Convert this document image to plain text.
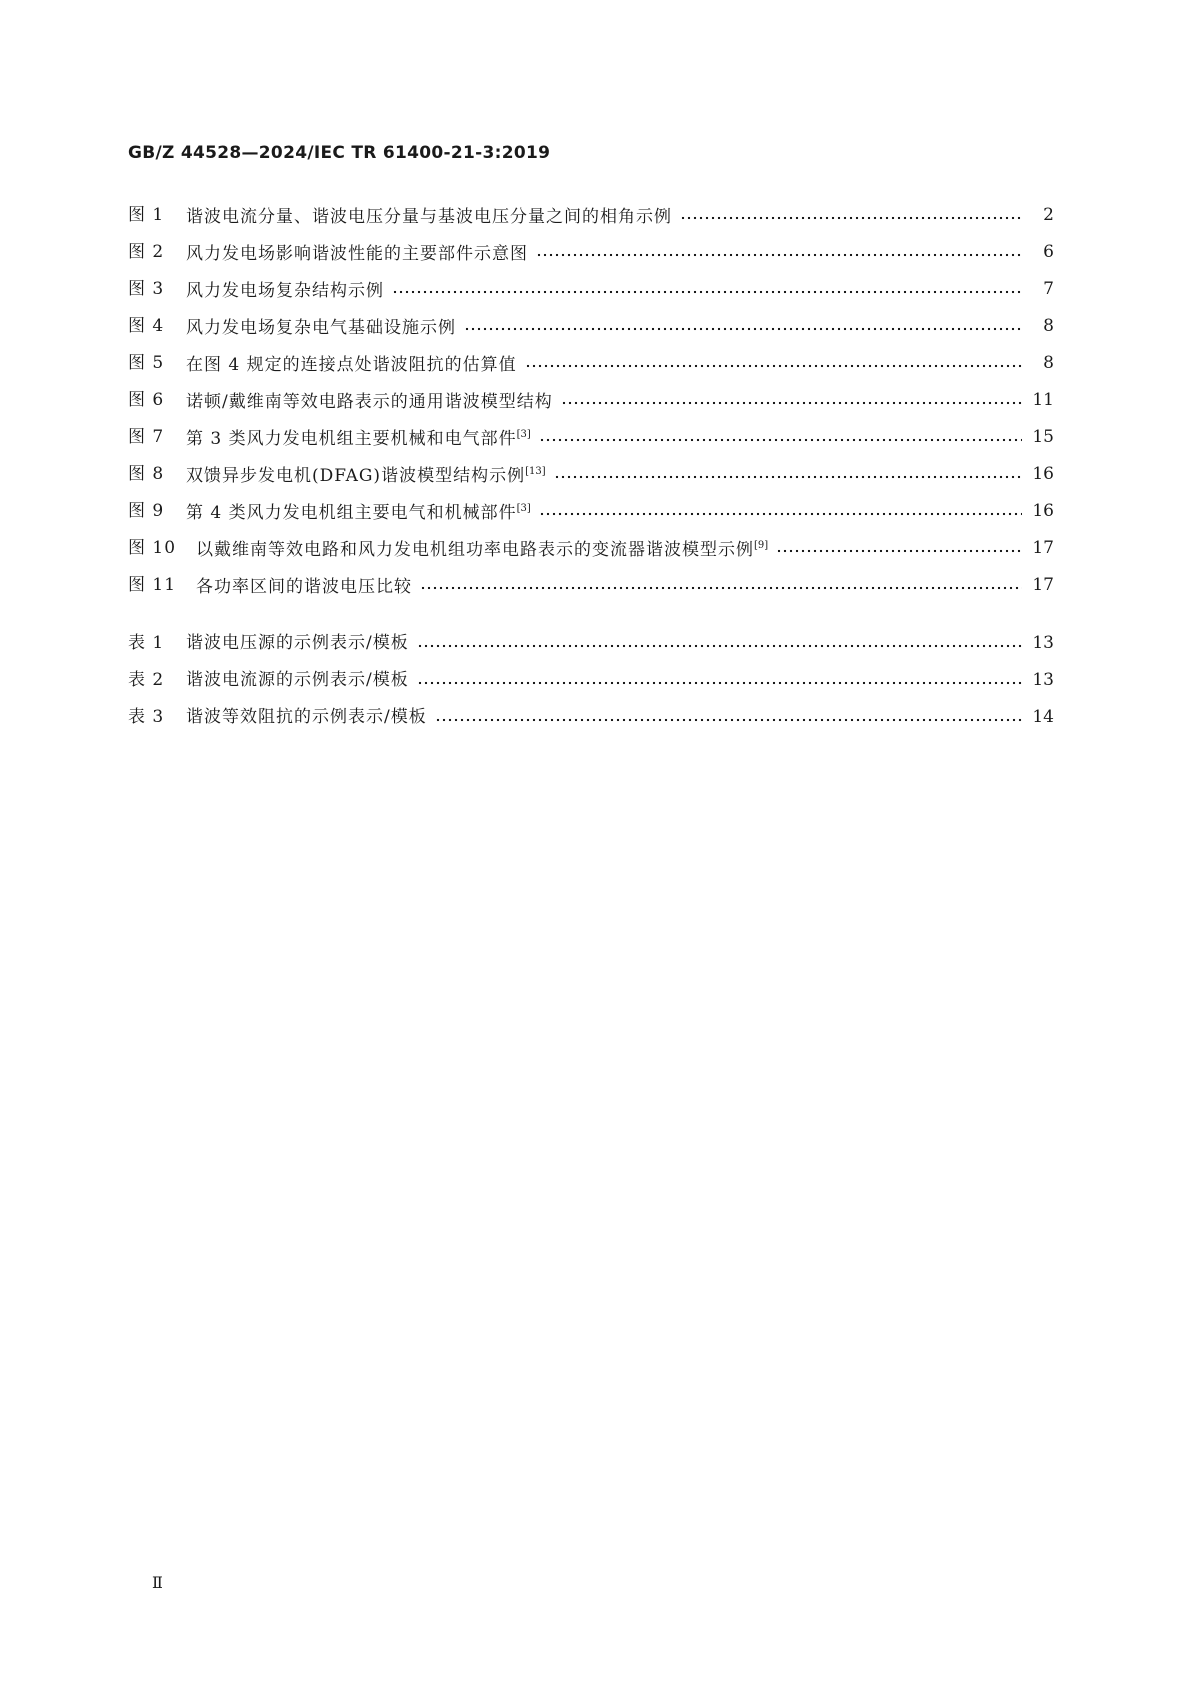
GB/Z 44528—2024/IEC TR 61400-21-3:2019
图 1	谐波电流分量、谐波电压分量与基波电压分量之间的相角示例	2
图 2	风力发电场影响谐波性能的主要部件示意图	6
图 3	风力发电场复杂结构示例	7
图 4	风力发电场复杂电气基础设施示例	8
图 5	在图 4 规定的连接点处谐波阻抗的估算值	8
图 6	诺顿/戴维南等效电路表示的通用谐波模型结构	11
图 7	第 3 类风力发电机组主要机械和电气部件[3]	15
图 8	双馈异步发电机(DFAG)谐波模型结构示例[13]	16
图 9	第 4 类风力发电机组主要电气和机械部件[3]	16
图 10	以戴维南等效电路和风力发电机组功率电路表示的变流器谐波模型示例[9]	17
图 11	各功率区间的谐波电压比较	17
表 1	谐波电压源的示例表示/模板	13
表 2	谐波电流源的示例表示/模板	13
表 3	谐波等效阻抗的示例表示/模板	14
Ⅱ
